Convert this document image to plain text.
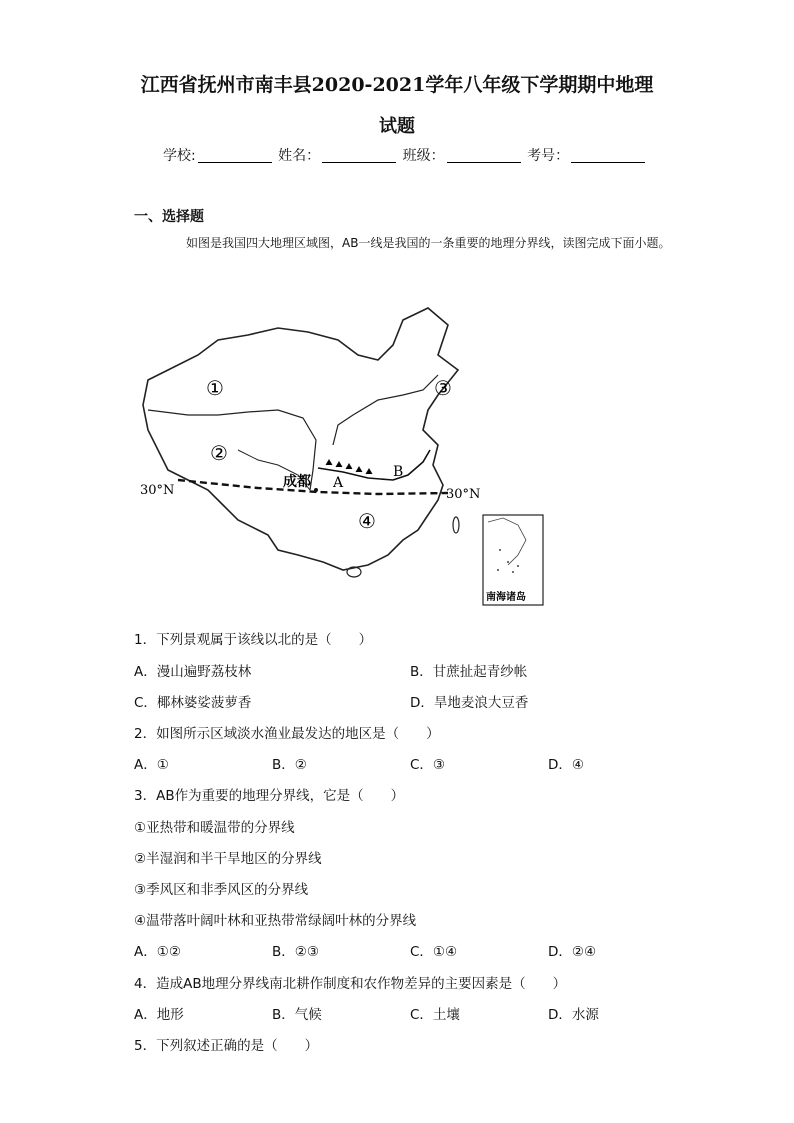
江西省抚州市南丰县2020-2021学年八年级下学期期中地理
试题
学校:	姓名：	班级：	考号：
一、选择题
如图是我国四大地理区域图，AB一线是我国的一条重要的地理分界线，读图完成下面小题。
①
②
③
④
成都 A
B
30°N	30°N
南海诸岛
1．下列景观属于该线以北的是（　　）
A．漫山遍野荔枝林	B．甘蔗扯起青纱帐
C．椰林婆娑菠萝香	D．旱地麦浪大豆香
2．如图所示区域淡水渔业最发达的地区是（　　）
A．①	B．②	C．③	D．④
3．AB作为重要的地理分界线，它是（　　）
①亚热带和暖温带的分界线
②半湿润和半干旱地区的分界线
③季风区和非季风区的分界线
④温带落叶阔叶林和亚热带常绿阔叶林的分界线
A．①②	B．②③	C．①④	D．②④
4．造成AB地理分界线南北耕作制度和农作物差异的主要因素是（　　）
A．地形	B．气候	C．土壤	D．水源
5．下列叙述正确的是（　　）
